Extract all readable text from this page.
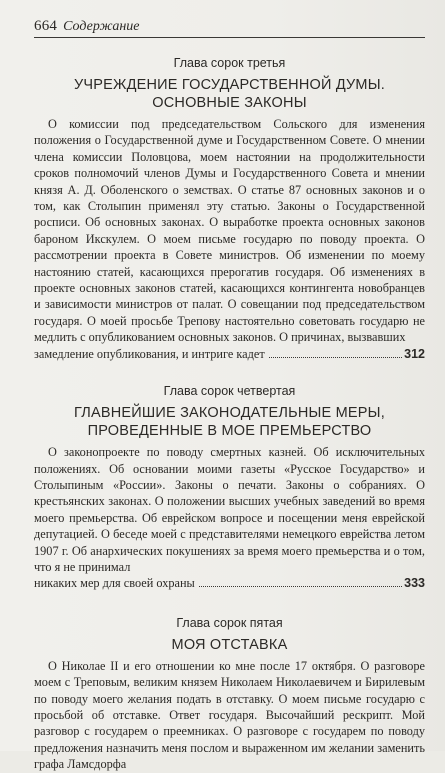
664 Содержание
Глава сорок третья
УЧРЕЖДЕНИЕ ГОСУДАРСТВЕННОЙ ДУМЫ.
ОСНОВНЫЕ ЗАКОНЫ

О комиссии под председательством Сольского для изменения положения о Государственной думе и Государственном Совете. О мнении члена комиссии Половцова, моем настоянии на продолжительности сроков полномочий членов Думы и Государственного Совета и мнении князя А. Д. Оболенского о земствах. О статье 87 основных законов и о том, как Столыпин применял эту статью. Законы о Государственной росписи. Об основных законах. О выработке проекта основных законов бароном Икскулем. О моем письме государю по поводу проекта. О рассмотрении проекта в Совете министров. Об изменении по моему настоянию статей, касающихся прерогатив государя. Об изменениях в проекте основных законов статей, касающихся контингента новобранцев и зависимости министров от палат. О совещании под председательством государя. О моей просьбе Трепову настоятельно советовать государю не медлить с опубликованием основных законов. О причинах, вызвавших

замедление опубликования, и интриге кадет	312
Глава сорок четвертая
ГЛАВНЕЙШИЕ ЗАКОНОДАТЕЛЬНЫЕ МЕРЫ,
ПРОВЕДЕННЫЕ В МОЕ ПРЕМЬЕРСТВО

О законопроекте по поводу смертных казней. Об исключительных положениях. Об основании моими газеты «Русское Государство» и Столыпиным «России». Законы о печати. Законы о собраниях. О крестьянских законах. О положении высших учебных заведений во время моего премьерства. Об еврейском вопросе и посещении меня еврейской депутацией. О беседе моей с представителями немецкого еврейства летом 1907 г. Об анархических покушениях за время моего премьерства и о том, что я не принимал

никаких мер для своей охраны	333
Глава сорок пятая
МОЯ ОТСТАВКА

О Николае II и его отношении ко мне после 17 октября. О разговоре моем с Треповым, великим князем Николаем Николаевичем и Бирилевым по поводу моего желания подать в отставку. О моем письме государю с просьбой об отставке. Ответ государя. Высочайший рескрипт. Мой разговор с государем о преемниках. О разговоре с государем по поводу предложения назначить меня послом и выраженном им желании заменить графа Ламсдорфа
